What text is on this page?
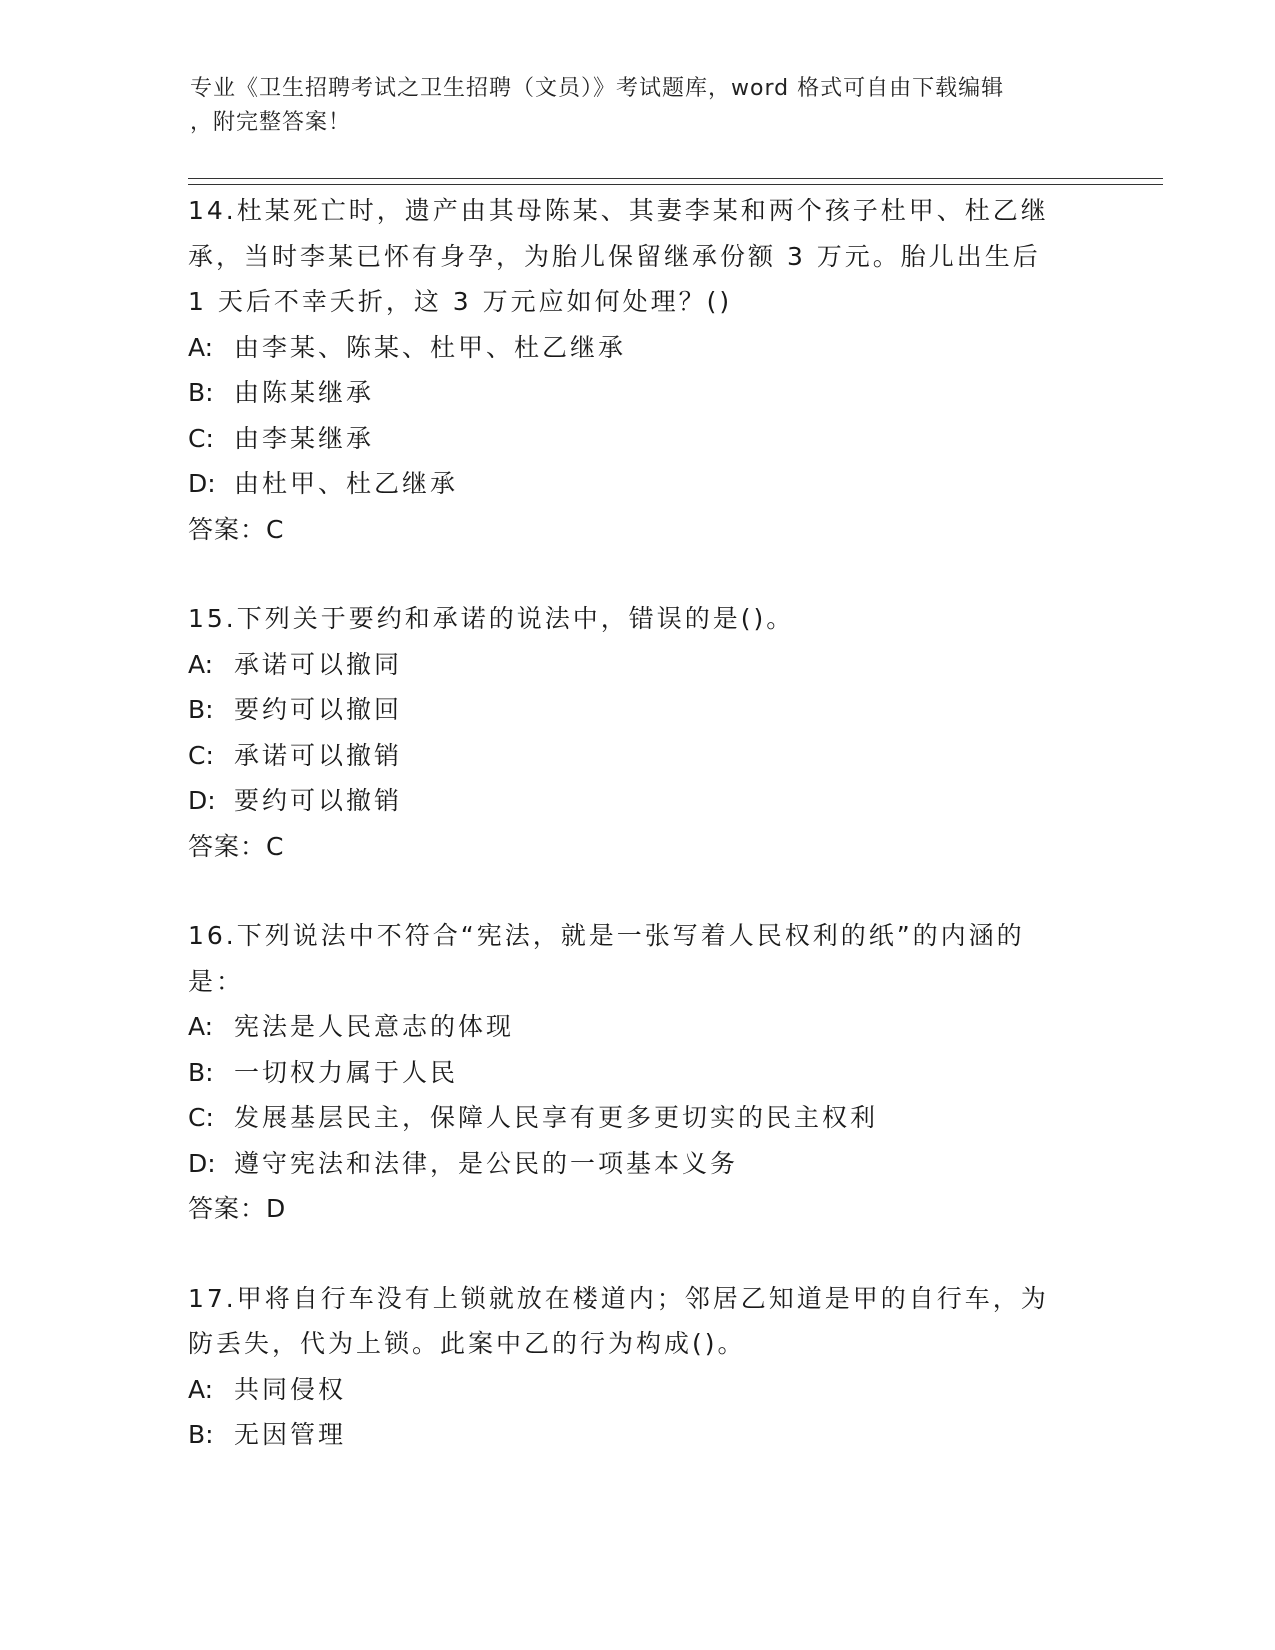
专业《卫生招聘考试之卫生招聘（文员）》考试题库，word 格式可自由下载编辑
，附完整答案！
14.杜某死亡时，遗产由其母陈某、其妻李某和两个孩子杜甲、杜乙继
承，当时李某已怀有身孕，为胎儿保留继承份额 3 万元。胎儿出生后
1 天后不幸夭折，这 3 万元应如何处理？()
A: 由李某、陈某、杜甲、杜乙继承
B: 由陈某继承
C: 由李某继承
D: 由杜甲、杜乙继承
答案：C
15.下列关于要约和承诺的说法中，错误的是()。
A: 承诺可以撤同
B: 要约可以撤回
C: 承诺可以撤销
D: 要约可以撤销
答案：C
16.下列说法中不符合“宪法，就是一张写着人民权利的纸”的内涵的
是：
A: 宪法是人民意志的体现
B: 一切权力属于人民
C: 发展基层民主，保障人民享有更多更切实的民主权利
D: 遵守宪法和法律，是公民的一项基本义务
答案：D
17.甲将自行车没有上锁就放在楼道内；邻居乙知道是甲的自行车，为
防丢失，代为上锁。此案中乙的行为构成()。
A: 共同侵权
B: 无因管理
